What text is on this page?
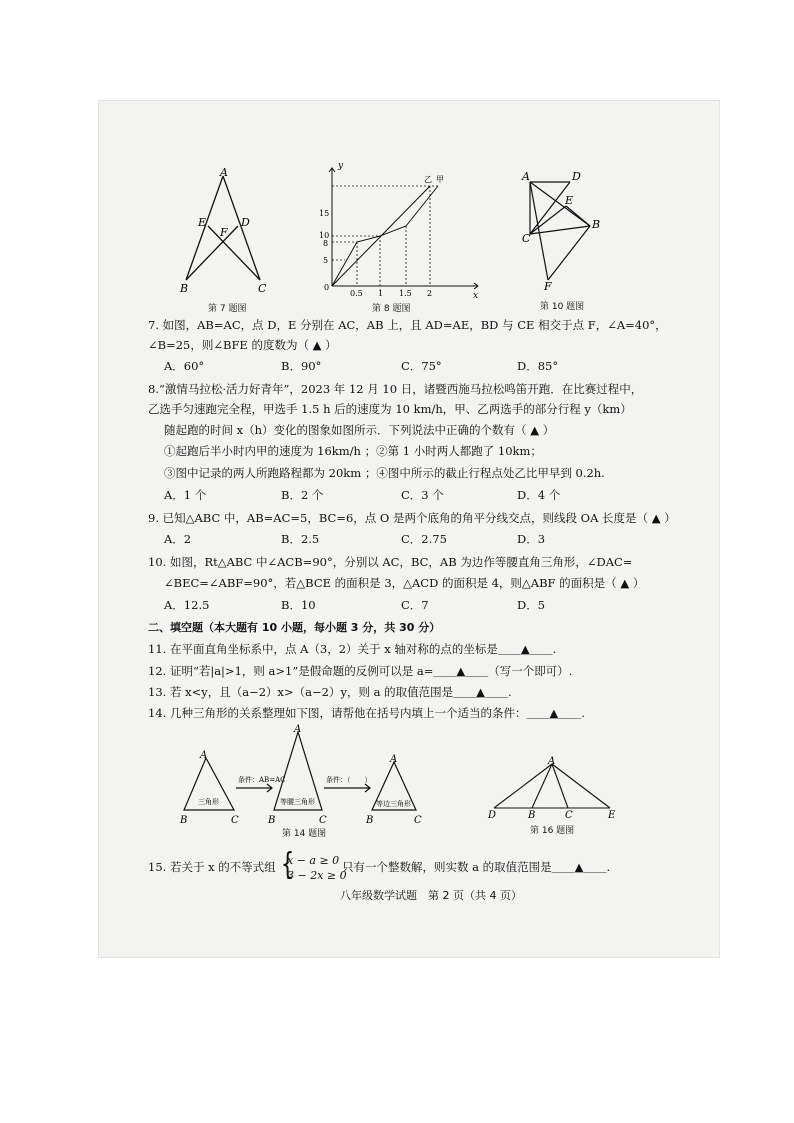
A
E
F
D
B	C
第 7 题图
0
y
x
5
8
10
15
0.5 1 1.5 2
乙 甲
第 8 题图
A	D
E
B
C
F
第 10 题图
7. 如图，AB=AC，点 D，E 分别在 AC，AB 上，且 AD=AE，BD 与 CE 相交于点 F，∠A=40°，
∠B=25，则∠BFE 的度数为（ ▲ ）
A．60°	B．90°	C．75°	D．85°
8.“激情马拉松·活力好青年”，2023 年 12 月 10 日，诸暨西施马拉松鸣笛开跑．在比赛过程中，
乙选手匀速跑完全程，甲选手 1.5 h 后的速度为 10 km/h，甲、乙两选手的部分行程 y（km）
随起跑的时间 x（h）变化的图象如图所示．下列说法中正确的个数有（ ▲ ）
①起跑后半小时内甲的速度为 16km/h ；②第 1 小时两人都跑了 10km；
③图中记录的两人所跑路程都为 20km ；④图中所示的截止行程点处乙比甲早到 0.2h.
A．1 个	B．2 个	C．3 个	D．4 个
9. 已知△ABC 中，AB=AC=5，BC=6，点 O 是两个底角的角平分线交点，则线段 OA 长度是（ ▲ ）
A．2	B．2.5	C．2.75	D．3
10. 如图，Rt△ABC 中∠ACB=90°，分别以 AC，BC，AB 为边作等腰直角三角形，∠DAC=
∠BEC=∠ABF=90°，若△BCE 的面积是 3，△ACD 的面积是 4，则△ABF 的面积是（ ▲ ）
A．12.5	B．10	C．7	D．5
二、填空题（本大题有 10 小题，每小题 3 分，共 30 分）
11. 在平面直角坐标系中，点 A（3，2）关于 x 轴对称的点的坐标是＿＿▲＿＿.
12. 证明“若|a|>1，则 a>1”是假命题的反例可以是 a=＿＿▲＿＿（写一个即可）.
13. 若 x<y，且（a−2）x>（a−2）y，则 a 的取值范围是＿＿▲＿＿.
14. 几种三角形的关系整理如下图，请帮他在括号内填上一个适当的条件：＿＿▲＿＿.
A
B	C
三角形
条件：AB=AC
A
B	C
等腰三角形
条件：（　　）
A
B	C
等边三角形
第 14 题图
A
D	B	C	E
第 16 题图
15. 若关于 x 的不等式组 {
x − a ≥ 0
3 − 2x ≥ 0
只有一个整数解，则实数 a 的取值范围是＿＿▲＿＿.
八年级数学试题　第 2 页（共 4 页）
